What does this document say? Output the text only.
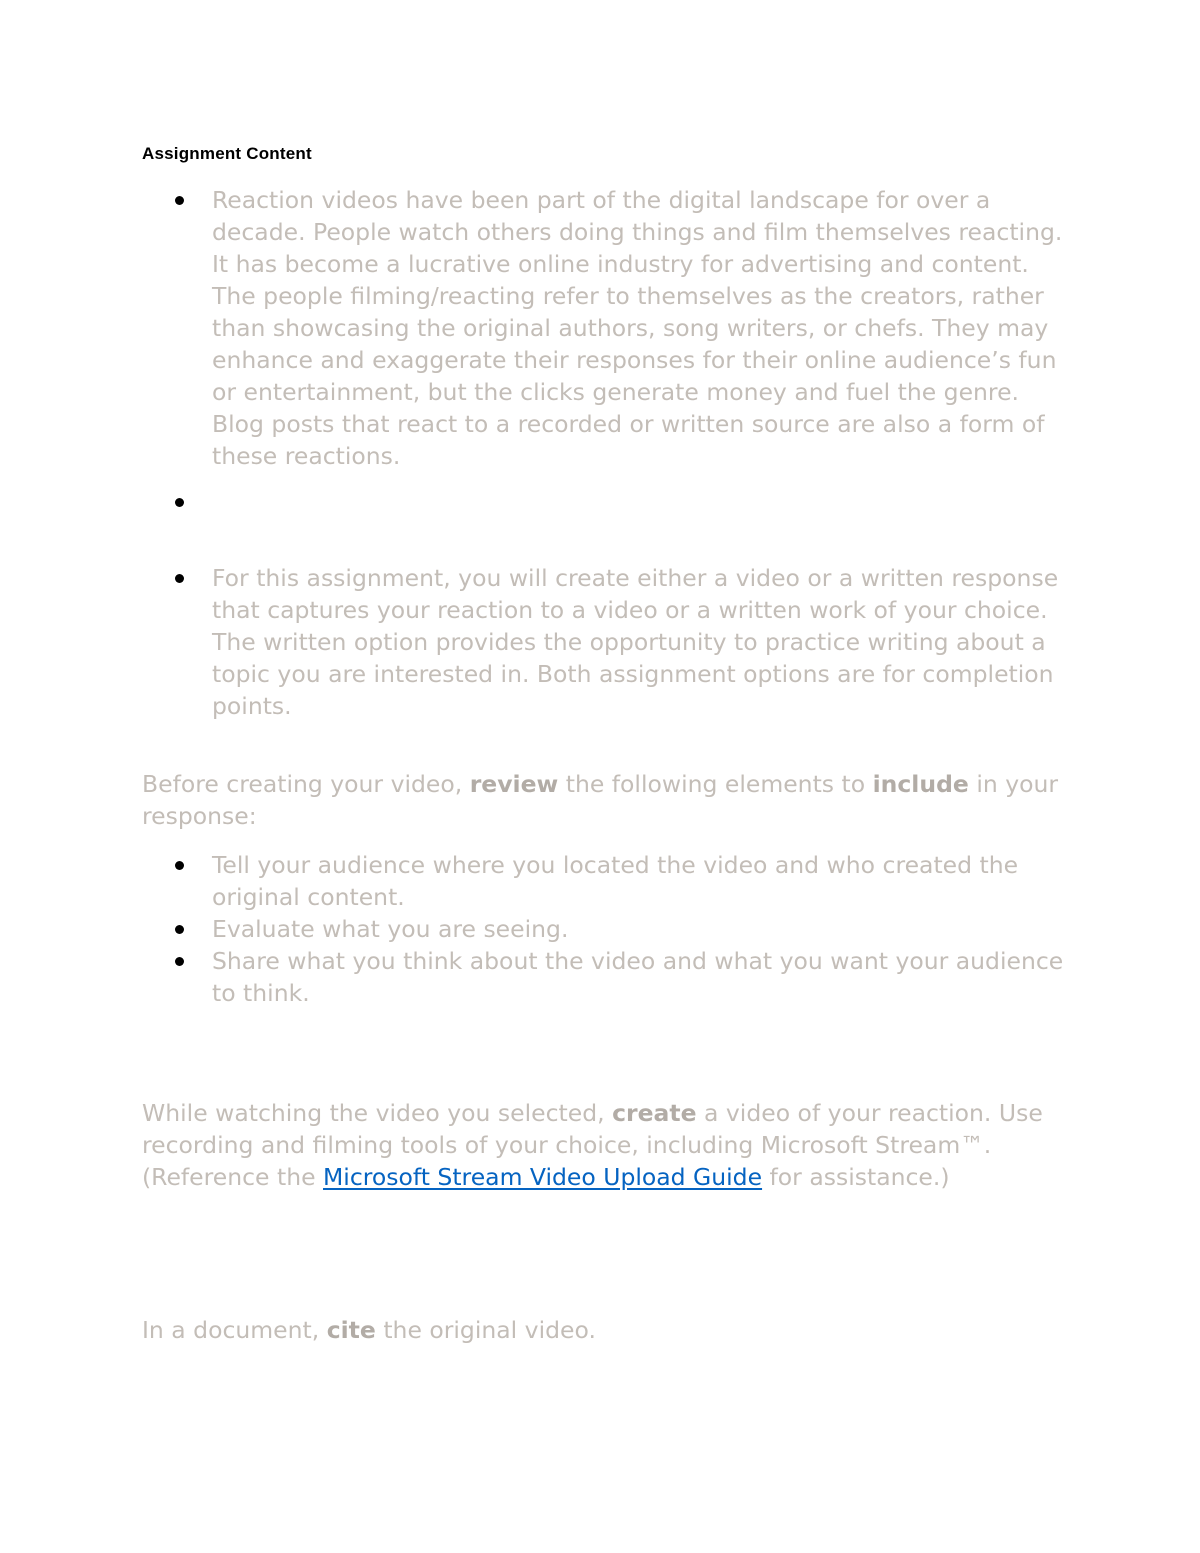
Assignment Content
Reaction videos have been part of the digital landscape for over a decade. People watch others doing things and film themselves reacting. It has become a lucrative online industry for advertising and content. The people filming/reacting refer to themselves as the creators, rather than showcasing the original authors, song writers, or chefs. They may enhance and exaggerate their responses for their online audience’s fun or entertainment, but the clicks generate money and fuel the genre. Blog posts that react to a recorded or written source are also a form of these reactions.
For this assignment, you will create either a video or a written response that captures your reaction to a video or a written work of your choice. The written option provides the opportunity to practice writing about a topic you are interested in. Both assignment options are for completion points.

Before creating your video, review the following elements to include in your response:

Tell your audience where you located the video and who created the original content.
Evaluate what you are seeing.
Share what you think about the video and what you want your audience to think.

While watching the video you selected, create a video of your reaction. Use recording and filming tools of your choice, including Microsoft Stream™. (Reference the Microsoft Stream Video Upload Guide for assistance.)

In a document, cite the original video.
